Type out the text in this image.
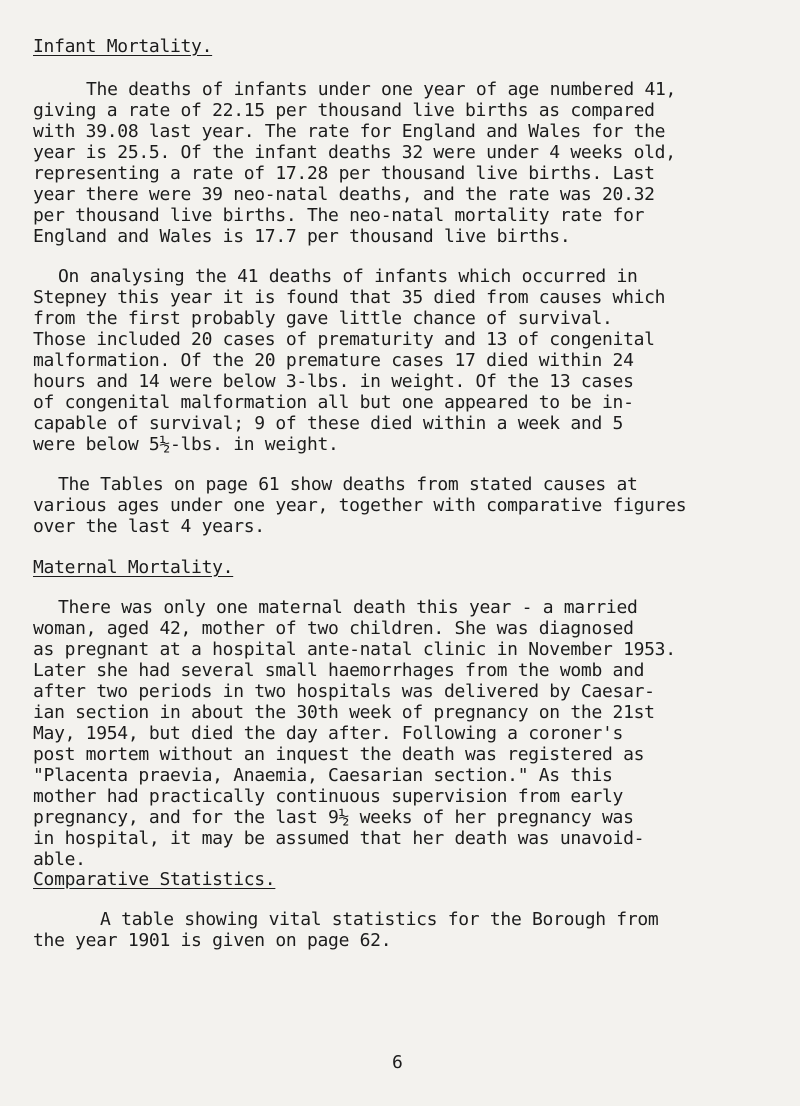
Infant Mortality.
The deaths of infants under one year of age numbered 41,
giving a rate of 22.15 per thousand live births as compared
with 39.08 last year. The rate for England and Wales for the
year is 25.5. Of the infant deaths 32 were under 4 weeks old,
representing a rate of 17.28 per thousand live births. Last
year there were 39 neo-natal deaths, and the rate was 20.32
per thousand live births. The neo-natal mortality rate for
England and Wales is 17.7 per thousand live births.
On analysing the 41 deaths of infants which occurred in
Stepney this year it is found that 35 died from causes which
from the first probably gave little chance of survival.
Those included 20 cases of prematurity and 13 of congenital
malformation. Of the 20 premature cases 17 died within 24
hours and 14 were below 3-lbs. in weight. Of the 13 cases
of congenital malformation all but one appeared to be in-
capable of survival; 9 of these died within a week and 5
were below 5½-lbs. in weight.
The Tables on page 61 show deaths from stated causes at
various ages under one year, together with comparative figures
over the last 4 years.
Maternal Mortality.
There was only one maternal death this year - a married
woman, aged 42, mother of two children. She was diagnosed
as pregnant at a hospital ante-natal clinic in November 1953.
Later she had several small haemorrhages from the womb and
after two periods in two hospitals was delivered by Caesar-
ian section in about the 30th week of pregnancy on the 21st
May, 1954, but died the day after. Following a coroner's
post mortem without an inquest the death was registered as
"Placenta praevia, Anaemia, Caesarian section." As this
mother had practically continuous supervision from early
pregnancy, and for the last 9½ weeks of her pregnancy was
in hospital, it may be assumed that her death was unavoid-
able.
Comparative Statistics.
A table showing vital statistics for the Borough from
the year 1901 is given on page 62.
6
